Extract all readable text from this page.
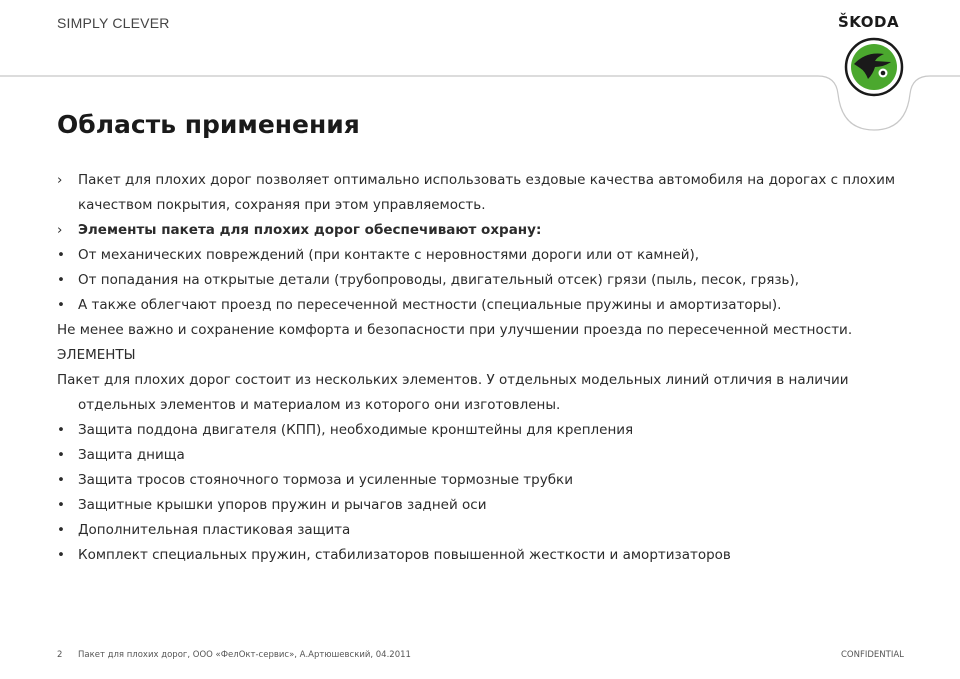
SIMPLY CLEVER	ŠKODA
Область применения
›	Пакет для плохих дорог позволяет оптимально использовать ездовые качества автомобиля на дорогах с плохим
качеством покрытия, сохраняя при этом управляемость.
›	Элементы пакета для плохих дорог обеспечивают охрану:
• От механических повреждений (при контакте с неровностями дороги или от камней),
• От попадания на открытые детали (трубопроводы, двигательный отсек) грязи (пыль, песок, грязь),
• А также облегчают проезд по пересеченной местности (специальные пружины и амортизаторы).
Не менее важно и сохранение комфорта и безопасности при улучшении проезда по пересеченной местности.
ЭЛЕМЕНТЫ
Пакет для плохих дорог состоит из нескольких элементов. У отдельных модельных линий отличия в наличии
отдельных элементов и материалом из которого они изготовлены.
• Защита поддона двигателя (КПП), необходимые кронштейны для крепления
• Защита днища
• Защита тросов стояночного тормоза и усиленные тормозные трубки
• Защитные крышки упоров пружин и рычагов задней оси
• Дополнительная пластиковая защита
• Комплект специальных пружин, стабилизаторов повышенной жесткости и амортизаторов
2 Пакет для плохих дорог, ООО «ФелОкт-сервис», А.Артюшевский, 04.2011	CONFIDENTIAL
